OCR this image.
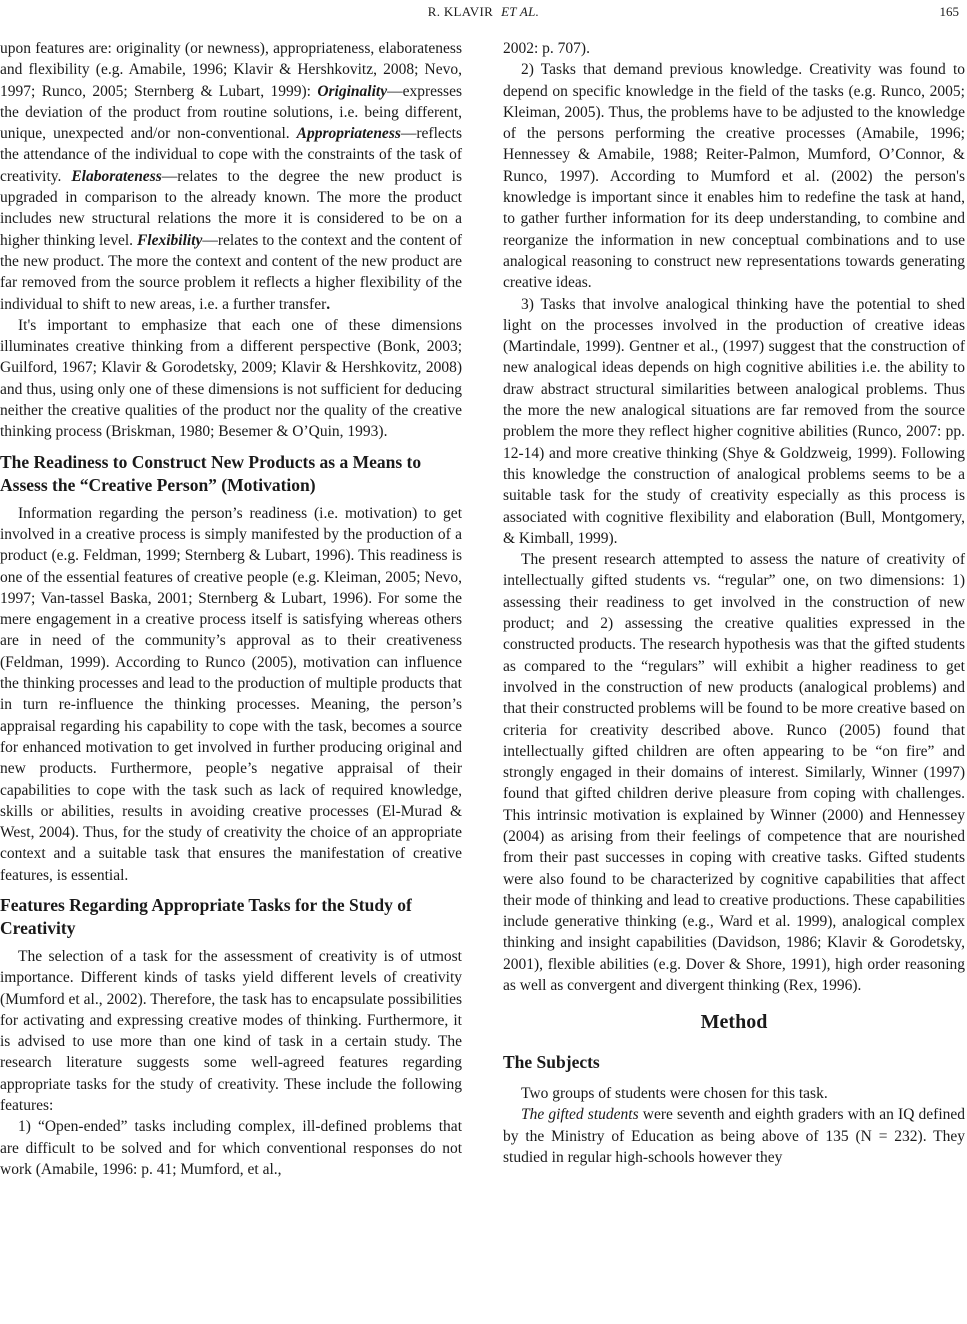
R. KLAVIR ET AL.	165

upon features are: originality (or newness), appropriateness, elaborateness and flexibility (e.g. Amabile, 1996; Klavir & Hershkovitz, 2008; Nevo, 1997; Runco, 2005; Sternberg & Lubart, 1999): Originality—expresses the deviation of the product from routine solutions, i.e. being different, unique, unexpected and/or non-conventional. Appropriateness—reflects the attendance of the individual to cope with the constraints of the task of creativity. Elaborateness—relates to the degree the new product is upgraded in comparison to the already known. The more the product includes new structural relations the more it is considered to be on a higher thinking level. Flexibility—relates to the context and the content of the new product. The more the context and content of the new product are far removed from the source problem it reflects a higher flexibility of the individual to shift to new areas, i.e. a further transfer.

It's important to emphasize that each one of these dimensions illuminates creative thinking from a different perspective (Bonk, 2003; Guilford, 1967; Klavir & Gorodetsky, 2009; Klavir & Hershkovitz, 2008) and thus, using only one of these dimensions is not sufficient for deducing neither the creative qualities of the product nor the quality of the creative thinking process (Briskman, 1980; Besemer & O’Quin, 1993).

The Readiness to Construct New Products as a Means to Assess the “Creative Person” (Motivation)

Information regarding the person’s readiness (i.e. motivation) to get involved in a creative process is simply manifested by the production of a product (e.g. Feldman, 1999; Sternberg & Lubart, 1996). This readiness is one of the essential features of creative people (e.g. Kleiman, 2005; Nevo, 1997; Van-tassel Baska, 2001; Sternberg & Lubart, 1996). For some the mere engagement in a creative process itself is satisfying whereas others are in need of the community’s approval as to their creativeness (Feldman, 1999). According to Runco (2005), motivation can influence the thinking processes and lead to the production of multiple products that in turn re-influence the thinking processes. Meaning, the person’s appraisal regarding his capability to cope with the task, becomes a source for enhanced motivation to get involved in further producing original and new products. Furthermore, people’s negative appraisal of their capabilities to cope with the task such as lack of required knowledge, skills or abilities, results in avoiding creative processes (El-Murad & West, 2004). Thus, for the study of creativity the choice of an appropriate context and a suitable task that ensures the manifestation of creative features, is essential.

Features Regarding Appropriate Tasks for the Study of Creativity

The selection of a task for the assessment of creativity is of utmost importance. Different kinds of tasks yield different levels of creativity (Mumford et al., 2002). Therefore, the task has to encapsulate possibilities for activating and expressing creative modes of thinking. Furthermore, it is advised to use more than one kind of task in a certain study. The research literature suggests some well-agreed features regarding appropriate tasks for the study of creativity. These include the following features:

1) “Open-ended” tasks including complex, ill-defined problems that are difficult to be solved and for which conventional responses do not work (Amabile, 1996: p. 41; Mumford, et al.,

2002: p. 707).

2) Tasks that demand previous knowledge. Creativity was found to depend on specific knowledge in the field of the tasks (e.g. Runco, 2005; Kleiman, 2005). Thus, the problems have to be adjusted to the knowledge of the persons performing the creative processes (Amabile, 1996; Hennessey & Amabile, 1988; Reiter-Palmon, Mumford, O’Connor, & Runco, 1997). According to Mumford et al. (2002) the person's knowledge is important since it enables him to redefine the task at hand, to gather further information for its deep understanding, to combine and reorganize the information in new conceptual combinations and to use analogical reasoning to construct new representations towards generating creative ideas.

3) Tasks that involve analogical thinking have the potential to shed light on the processes involved in the production of creative ideas (Martindale, 1999). Gentner et al., (1997) suggest that the construction of new analogical ideas depends on high cognitive abilities i.e. the ability to draw abstract structural similarities between analogical problems. Thus the more the new analogical situations are far removed from the source problem the more they reflect higher cognitive abilities (Runco, 2007: pp. 12-14) and more creative thinking (Shye & Goldzweig, 1999). Following this knowledge the construction of analogical problems seems to be a suitable task for the study of creativity especially as this process is associated with cognitive flexibility and elaboration (Bull, Montgomery, & Kimball, 1999).

The present research attempted to assess the nature of creativity of intellectually gifted students vs. “regular” one, on two dimensions: 1) assessing their readiness to get involved in the construction of new product; and 2) assessing the creative qualities expressed in the constructed products. The research hypothesis was that the gifted students as compared to the “regulars” will exhibit a higher readiness to get involved in the construction of new products (analogical problems) and that their constructed problems will be found to be more creative based on criteria for creativity described above. Runco (2005) found that intellectually gifted children are often appearing to be “on fire” and strongly engaged in their domains of interest. Similarly, Winner (1997) found that gifted children derive pleasure from coping with challenges. This intrinsic motivation is explained by Winner (2000) and Hennessey (2004) as arising from their feelings of competence that are nourished from their past successes in coping with creative tasks. Gifted students were also found to be characterized by cognitive capabilities that affect their mode of thinking and lead to creative productions. These capabilities include generative thinking (e.g., Ward et al. 1999), analogical complex thinking and insight capabilities (Davidson, 1986; Klavir & Gorodetsky, 2001), flexible abilities (e.g. Dover & Shore, 1991), high order reasoning as well as convergent and divergent thinking (Rex, 1996).

Method
The Subjects

Two groups of students were chosen for this task.

The gifted students were seventh and eighth graders with an IQ defined by the Ministry of Education as being above of 135 (N = 232). They studied in regular high-schools however they
